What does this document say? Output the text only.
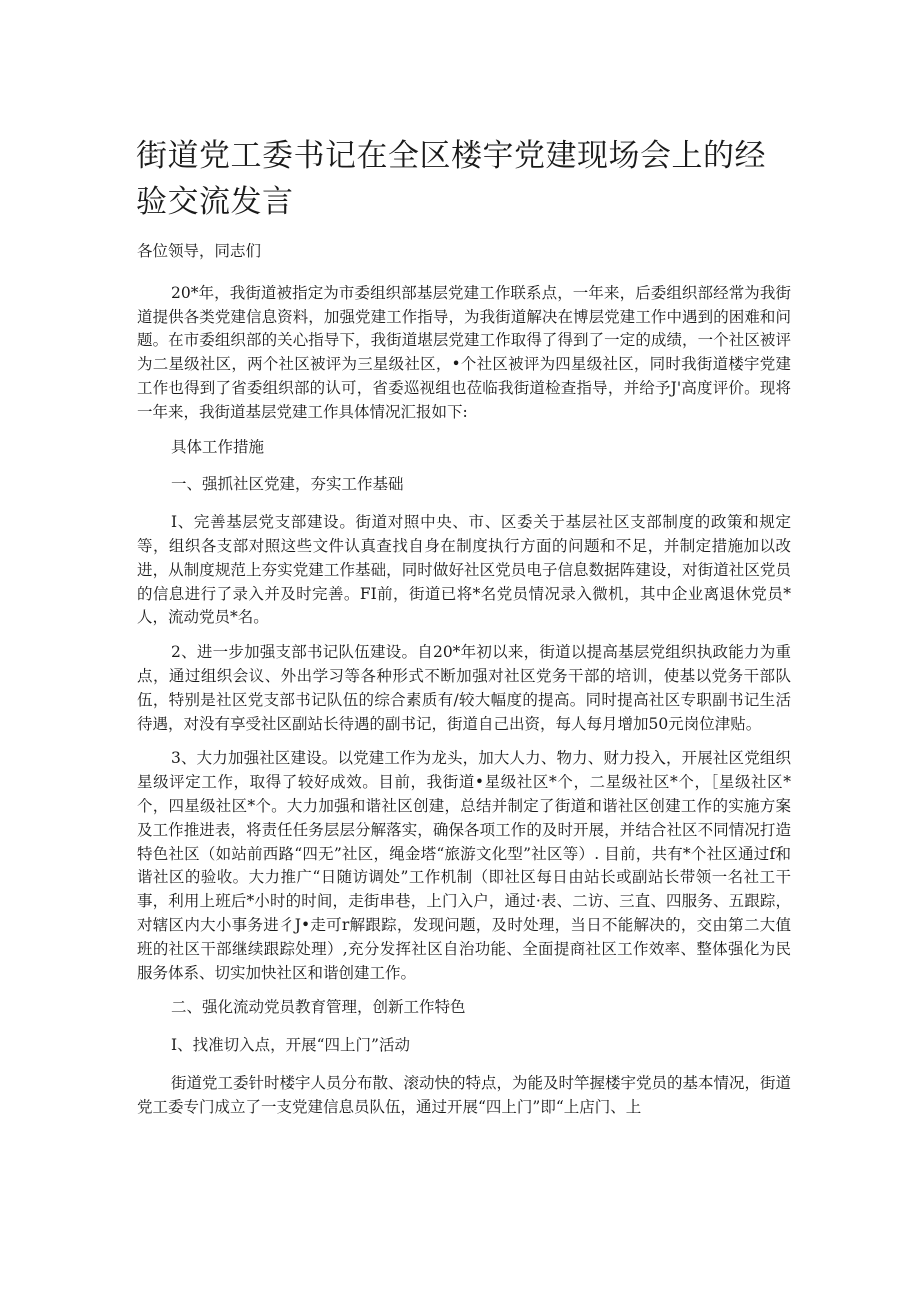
街道党工委书记在全区楼宇党建现场会上的经验交流发言

各位领导，同志们

20*年，我街道被指定为市委组织部基层党建工作联系点，一年来，后委组织部经常为我街道提供各类党建信息资料，加强党建工作指导，为我街道解决在博层党建工作中遇到的困难和问题。在市委组织部的关心指导下，我街道堪层党建工作取得了得到了一定的成绩，一个社区被评为二星级社区，两个社区被评为三星级社区，•个社区被评为四星级社区，同时我街道楼宇党建工作也得到了省委组织部的认可，省委巡视组也莅临我街道检查指导，并给予J'高度评价。现将一年来，我街道基层党建工作具体情况汇报如下:

具体工作措施

一、强抓社区党建，夯实工作基础

I、完善基层党支部建设。街道对照中央、市、区委关于基层社区支部制度的政策和规定等，组织各支部对照这些文件认真查找自身在制度执行方面的问题和不足，并制定措施加以改进，从制度规范上夯实党建工作基础，同时做好社区党员电子信息数据阵建设，对街道社区党员的信息进行了录入并及时完善。FI前，街道已将*名党员情况录入微机，其中企业离退休党员*人，流动党员*名。

2、进一步加强支部书记队伍建设。自20*年初以来，街道以提高基层党组织执政能力为重点，通过组织会议、外出学习等各种形式不断加强对社区党务干部的培训，使基以党务干部队伍，特别是社区党支部书记队伍的综合素质有/较大幅度的提高。同时提高社区专职副书记生活待遇，对没有享受社区副站长待遇的副书记，街道自己出资，每人每月增加50元岗位津贴。

3、大力加强社区建设。以党建工作为龙头，加大人力、物力、财力投入，开展社区党组织星级评定工作，取得了较好成效。目前，我街道•星级社区*个，二星级社区*个，［星级社区*个，四星级社区*个。大力加强和谐社区创建，总结并制定了街道和谐社区创建工作的实施方案及工作推进表，将责任任务层层分解落实，确保各项工作的及时开展，并结合社区不同情况打造特色社区（如站前西路“四无”社区，绳金塔“旅游文化型”社区等）. 目前，共有*个社区通过f和谐社区的验收。大力推广“日随访调处”工作机制（即社区每日由站长或副站长带领一名社工干事，利用上班后*小时的时间，走街串巷，上门入户，通过·表、二访、三直、四服务、五跟踪，对辖区内大小事务进彳J•走可r解跟踪，发现问题，及时处理，当日不能解决的，交由第二大值班的社区干部继续跟踪处理）,充分发挥社区自治功能、全面提商社区工作效率、整体强化为民服务体系、切实加快社区和谐创建工作。

二、强化流动党员教育管理，创新工作特色

I、找准切入点，开展“四上门”活动

街道党工委针时楼宇人员分布散、滚动快的特点，为能及时竿握楼宇党员的基本情况，街道党工委专门成立了一支党建信息员队伍，通过开展“四上门”即“上店门、上
